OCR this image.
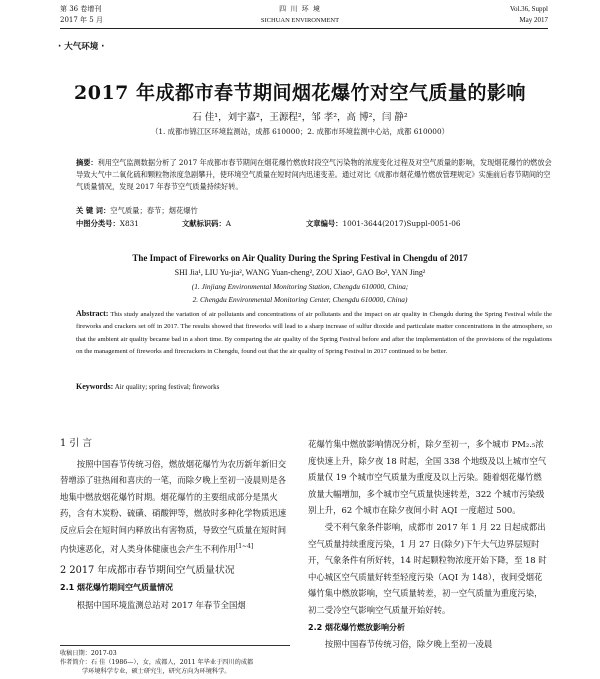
第 36 卷增刊
2017 年 5 月
四 川 环 境
SICHUAN ENVIRONMENT
Vol.36, Suppl
May 2017
· 大气环境 ·
2017 年成都市春节期间烟花爆竹对空气质量的影响
石 佳¹，刘宇嘉²，王源程²，邹 孝²，高 博²，闫 静²
（1. 成都市锦江区环境监测站，成都 610000；2. 成都市环境监测中心站，成都 610000）
摘要：利用空气监测数据分析了 2017 年成都市春节期间在烟花爆竹燃放时段空气污染物的浓度变化过程及对空气质量的影响，发现烟花爆竹的燃放会导致大气中二氧化硫和颗粒物浓度急剧攀升，使环境空气质量在短时间内迅速变差。通过对比《成都市烟花爆竹燃放管理规定》实施前后春节期间的空气质量情况，发现 2017 年春节空气质量持续好转。
关 键 词：空气质量；春节；烟花爆竹
中图分类号：X831	文献标识码：A	文章编号：1001-3644(2017)Suppl-0051-06
The Impact of Fireworks on Air Quality During the Spring Festival in Chengdu of 2017
SHI Jia¹, LIU Yu-jia², WANG Yuan-cheng², ZOU Xiao², GAO Bo², YAN Jing²
(1. Jinjiang Environmental Monitoring Station, Chengdu 610000, China;
2. Chengdu Environmental Monitoring Center, Chengdu 610000, China)
Abstract: This study analyzed the variation of air pollutants and concentrations of air pollutants and the impact on air quality in Chengdu during the Spring Festival while the fireworks and crackers set off in 2017. The results showed that fireworks will lead to a sharp increase of sulfur dioxide and particulate matter concentrations in the atmosphere, so that the ambient air quality became bad in a short time. By comparing the air quality of the Spring Festival before and after the implementation of the provisions of the regulations on the management of fireworks and firecrackers in Chengdu, found out that the air quality of Spring Festival in 2017 continued to be better.
Keywords: Air quality; spring festival; fireworks
1 引 言

按照中国春节传统习俗，燃放烟花爆竹为农历新年新旧交替增添了驻热闹和喜庆的一笔，而除夕晚上至初一凌晨则是各地集中燃放烟花爆竹时期。烟花爆竹的主要组成部分是黑火药，含有木炭粉、硫磺、硝酸钾等，燃放时多种化学物质迅速反应后会在短时间内释放出有害物质，导致空气质量在短时间内快速恶化，对人类身体健康也会产生不利作用[1~4]

2 2017 年成都市春节期间空气质量状况
2.1 烟花爆竹期间空气质量情况

根据中国环境监测总站对 2017 年春节全国烟

收稿日期：2017-03
作者简介：石 佳（1986—），女，成都人，2011 年毕业于四川的成都
学环境科学专业，硕士研究生，研究方向为环境科学。

花爆竹集中燃放影响情况分析，除夕至初一，多个城市 PM₂.₅浓度快速上升，除夕夜 18 时起，全国 338 个地级及以上城市空气质量仅 19 个城市空气质量为重度及以上污染。随着烟花爆竹燃放量大幅增加，多个城市空气质量快速转差，322 个城市污染级别上升，62 个城市在除夕夜间小时 AQI 一度超过 500。

受不利气象条件影响，成都市 2017 年 1 月 22 日起成都出空气质量持续重度污染，1 月 27 日(除夕)下午大气边界层短时开，气象条件有所好转，14 时起颗粒物浓度开始下降，至 18 时中心城区空气质量好转至轻度污染（AQI 为 148），夜间受烟花爆竹集中燃放影响，空气质量转差，初一空气质量为重度污染，初二受冷空气影响空气质量开始好转。

2.2 烟花爆竹燃放影响分析

按照中国春节传统习俗，除夕晚上至初一凌晨
